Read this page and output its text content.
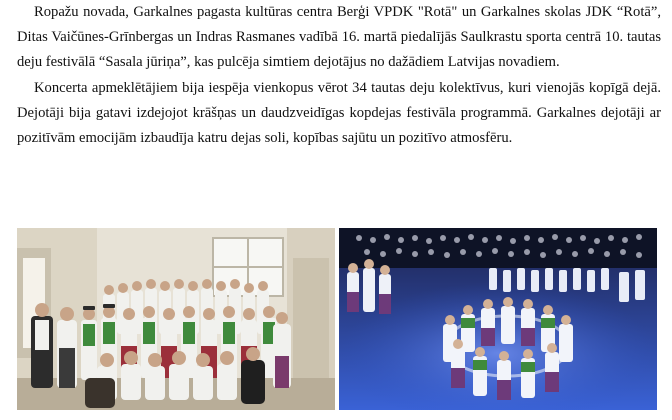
Ropažu novada, Garkalnes pagasta kultūras centra Berģi VPDK "Rotā" un Garkalnes skolas JDK “Rotā”, Ditas Vaičūnes-Grīnbergas un Indras Rasmanes vadībā 16. martā piedalījās Saulkrastu sporta centrā 10. tautas deju festivālā “Sasala jūriņa”, kas pulcēja simtiem dejotājus no dažādiem Latvijas novadiem.

Koncerta apmeklētājiem bija iespēja vienkopus vērot 34 tautas deju kolektīvus, kuri vienojās kopīgā dejā. Dejotāji bija gatavi izdejojot krāšņas un daudzveidīgas kopdejas festivāla programmā. Garkalnes dejotāji ar pozitīvām emocijām izbaudīja katru dejas soli, kopības sajūtu un pozitīvo atmosfēru.
